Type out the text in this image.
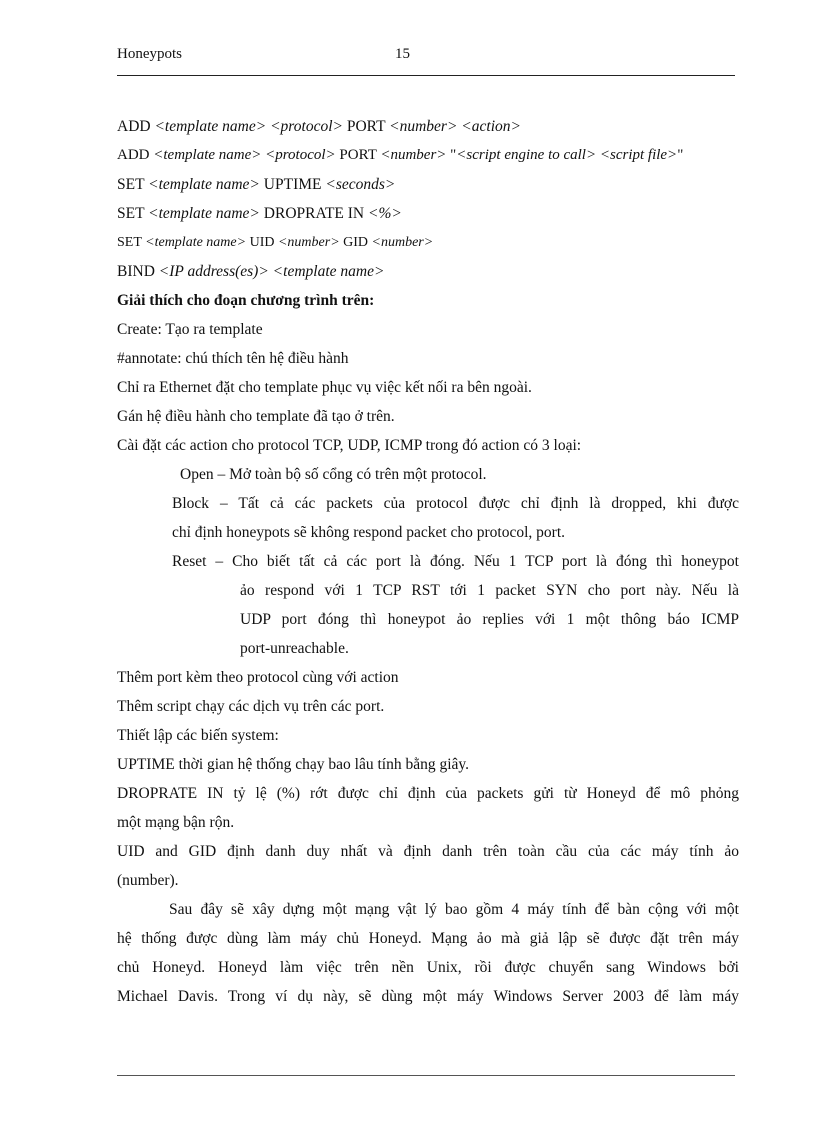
Honeypots	15
ADD <template name> <protocol> PORT <number> <action>
ADD <template name> <protocol> PORT <number> "<script engine to call> <script file>"
SET <template name> UPTIME <seconds>
SET <template name> DROPRATE IN <%>
SET <template name> UID <number> GID <number>
BIND <IP address(es)> <template name>
Giải thích cho đoạn chương trình trên:
Create: Tạo ra template
#annotate: chú thích tên hệ điều hành
Chỉ ra Ethernet đặt cho template phục vụ việc kết nối ra bên ngoài.
Gán hệ điều hành cho template đã tạo ở trên.
Cài đặt các action cho protocol TCP, UDP, ICMP trong đó action có 3 loại:
Open – Mở toàn bộ số cổng có trên một protocol.
Block – Tất cả các packets của protocol được chỉ định là dropped, khi được
chỉ định honeypots sẽ không respond packet cho protocol, port.
Reset – Cho biết tất cả các port là đóng. Nếu 1 TCP port là đóng thì honeypot
ảo respond với 1 TCP RST tới 1 packet SYN cho port này. Nếu là
UDP port đóng thì honeypot ảo replies với 1 một thông báo ICMP
port-unreachable.
Thêm port kèm theo protocol cùng với action
Thêm script chạy các dịch vụ trên các port.
Thiết lập các biến system:
UPTIME thời gian hệ thống chạy bao lâu tính bằng giây.
DROPRATE IN tỷ lệ (%) rớt được chỉ định của packets gửi từ Honeyd để mô phỏng
một mạng bận rộn.
UID and GID định danh duy nhất và định danh trên toàn cầu của các máy tính ảo
(number).
Sau đây sẽ xây dựng một mạng vật lý bao gồm 4 máy tính để bàn cộng với một
hệ thống được dùng làm máy chủ Honeyd. Mạng ảo mà giả lập sẽ được đặt trên máy
chủ Honeyd. Honeyd làm việc trên nền Unix, rồi được chuyển sang Windows bởi
Michael Davis. Trong ví dụ này, sẽ dùng một máy Windows Server 2003 để làm máy
